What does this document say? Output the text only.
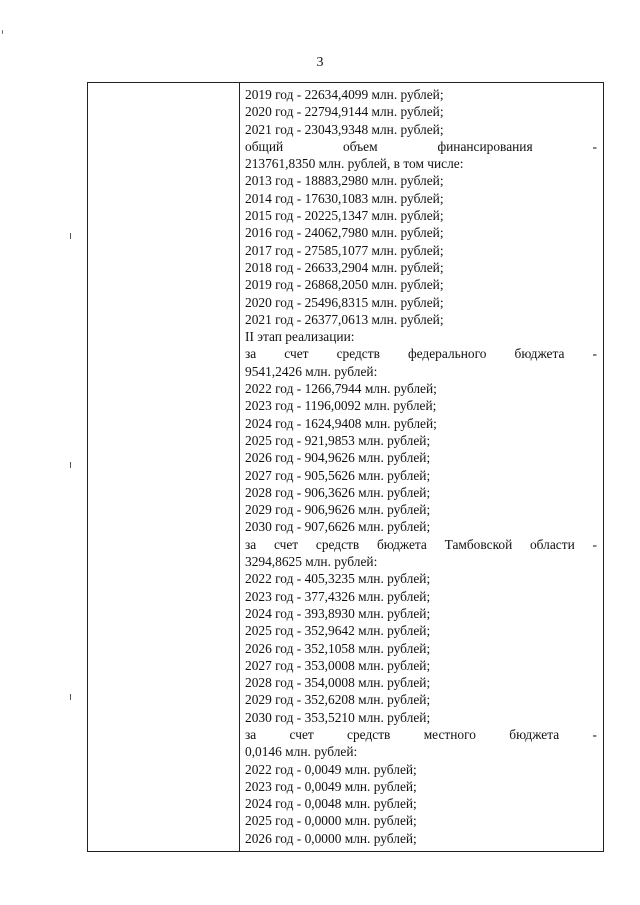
3
2019 год - 22634,4099 млн. рублей;
2020 год - 22794,9144 млн. рублей;
2021 год - 23043,9348 млн. рублей;
общий	объем	финансирования	-
213761,8350 млн. рублей, в том числе:
2013 год - 18883,2980 млн. рублей;
2014 год - 17630,1083 млн. рублей;
2015 год - 20225,1347 млн. рублей;
2016 год - 24062,7980 млн. рублей;
2017 год - 27585,1077 млн. рублей;
2018 год - 26633,2904 млн. рублей;
2019 год - 26868,2050 млн. рублей;
2020 год - 25496,8315 млн. рублей;
2021 год - 26377,0613 млн. рублей;
II этап реализации:
за счет средств федерального бюджета -
9541,2426 млн. рублей:
2022 год - 1266,7944 млн. рублей;
2023 год - 1196,0092 млн. рублей;
2024 год - 1624,9408 млн. рублей;
2025 год - 921,9853 млн. рублей;
2026 год - 904,9626 млн. рублей;
2027 год - 905,5626 млн. рублей;
2028 год - 906,3626 млн. рублей;
2029 год - 906,9626 млн. рублей;
2030 год - 907,6626 млн. рублей;
за счет средств бюджета Тамбовской области -
3294,8625 млн. рублей:
2022 год - 405,3235 млн. рублей;
2023 год - 377,4326 млн. рублей;
2024 год - 393,8930 млн. рублей;
2025 год - 352,9642 млн. рублей;
2026 год - 352,1058 млн. рублей;
2027 год - 353,0008 млн. рублей;
2028 год - 354,0008 млн. рублей;
2029 год - 352,6208 млн. рублей;
2030 год - 353,5210 млн. рублей;
за счет средств местного бюджета -
0,0146 млн. рублей:
2022 год - 0,0049 млн. рублей;
2023 год - 0,0049 млн. рублей;
2024 год - 0,0048 млн. рублей;
2025 год - 0,0000 млн. рублей;
2026 год - 0,0000 млн. рублей;
